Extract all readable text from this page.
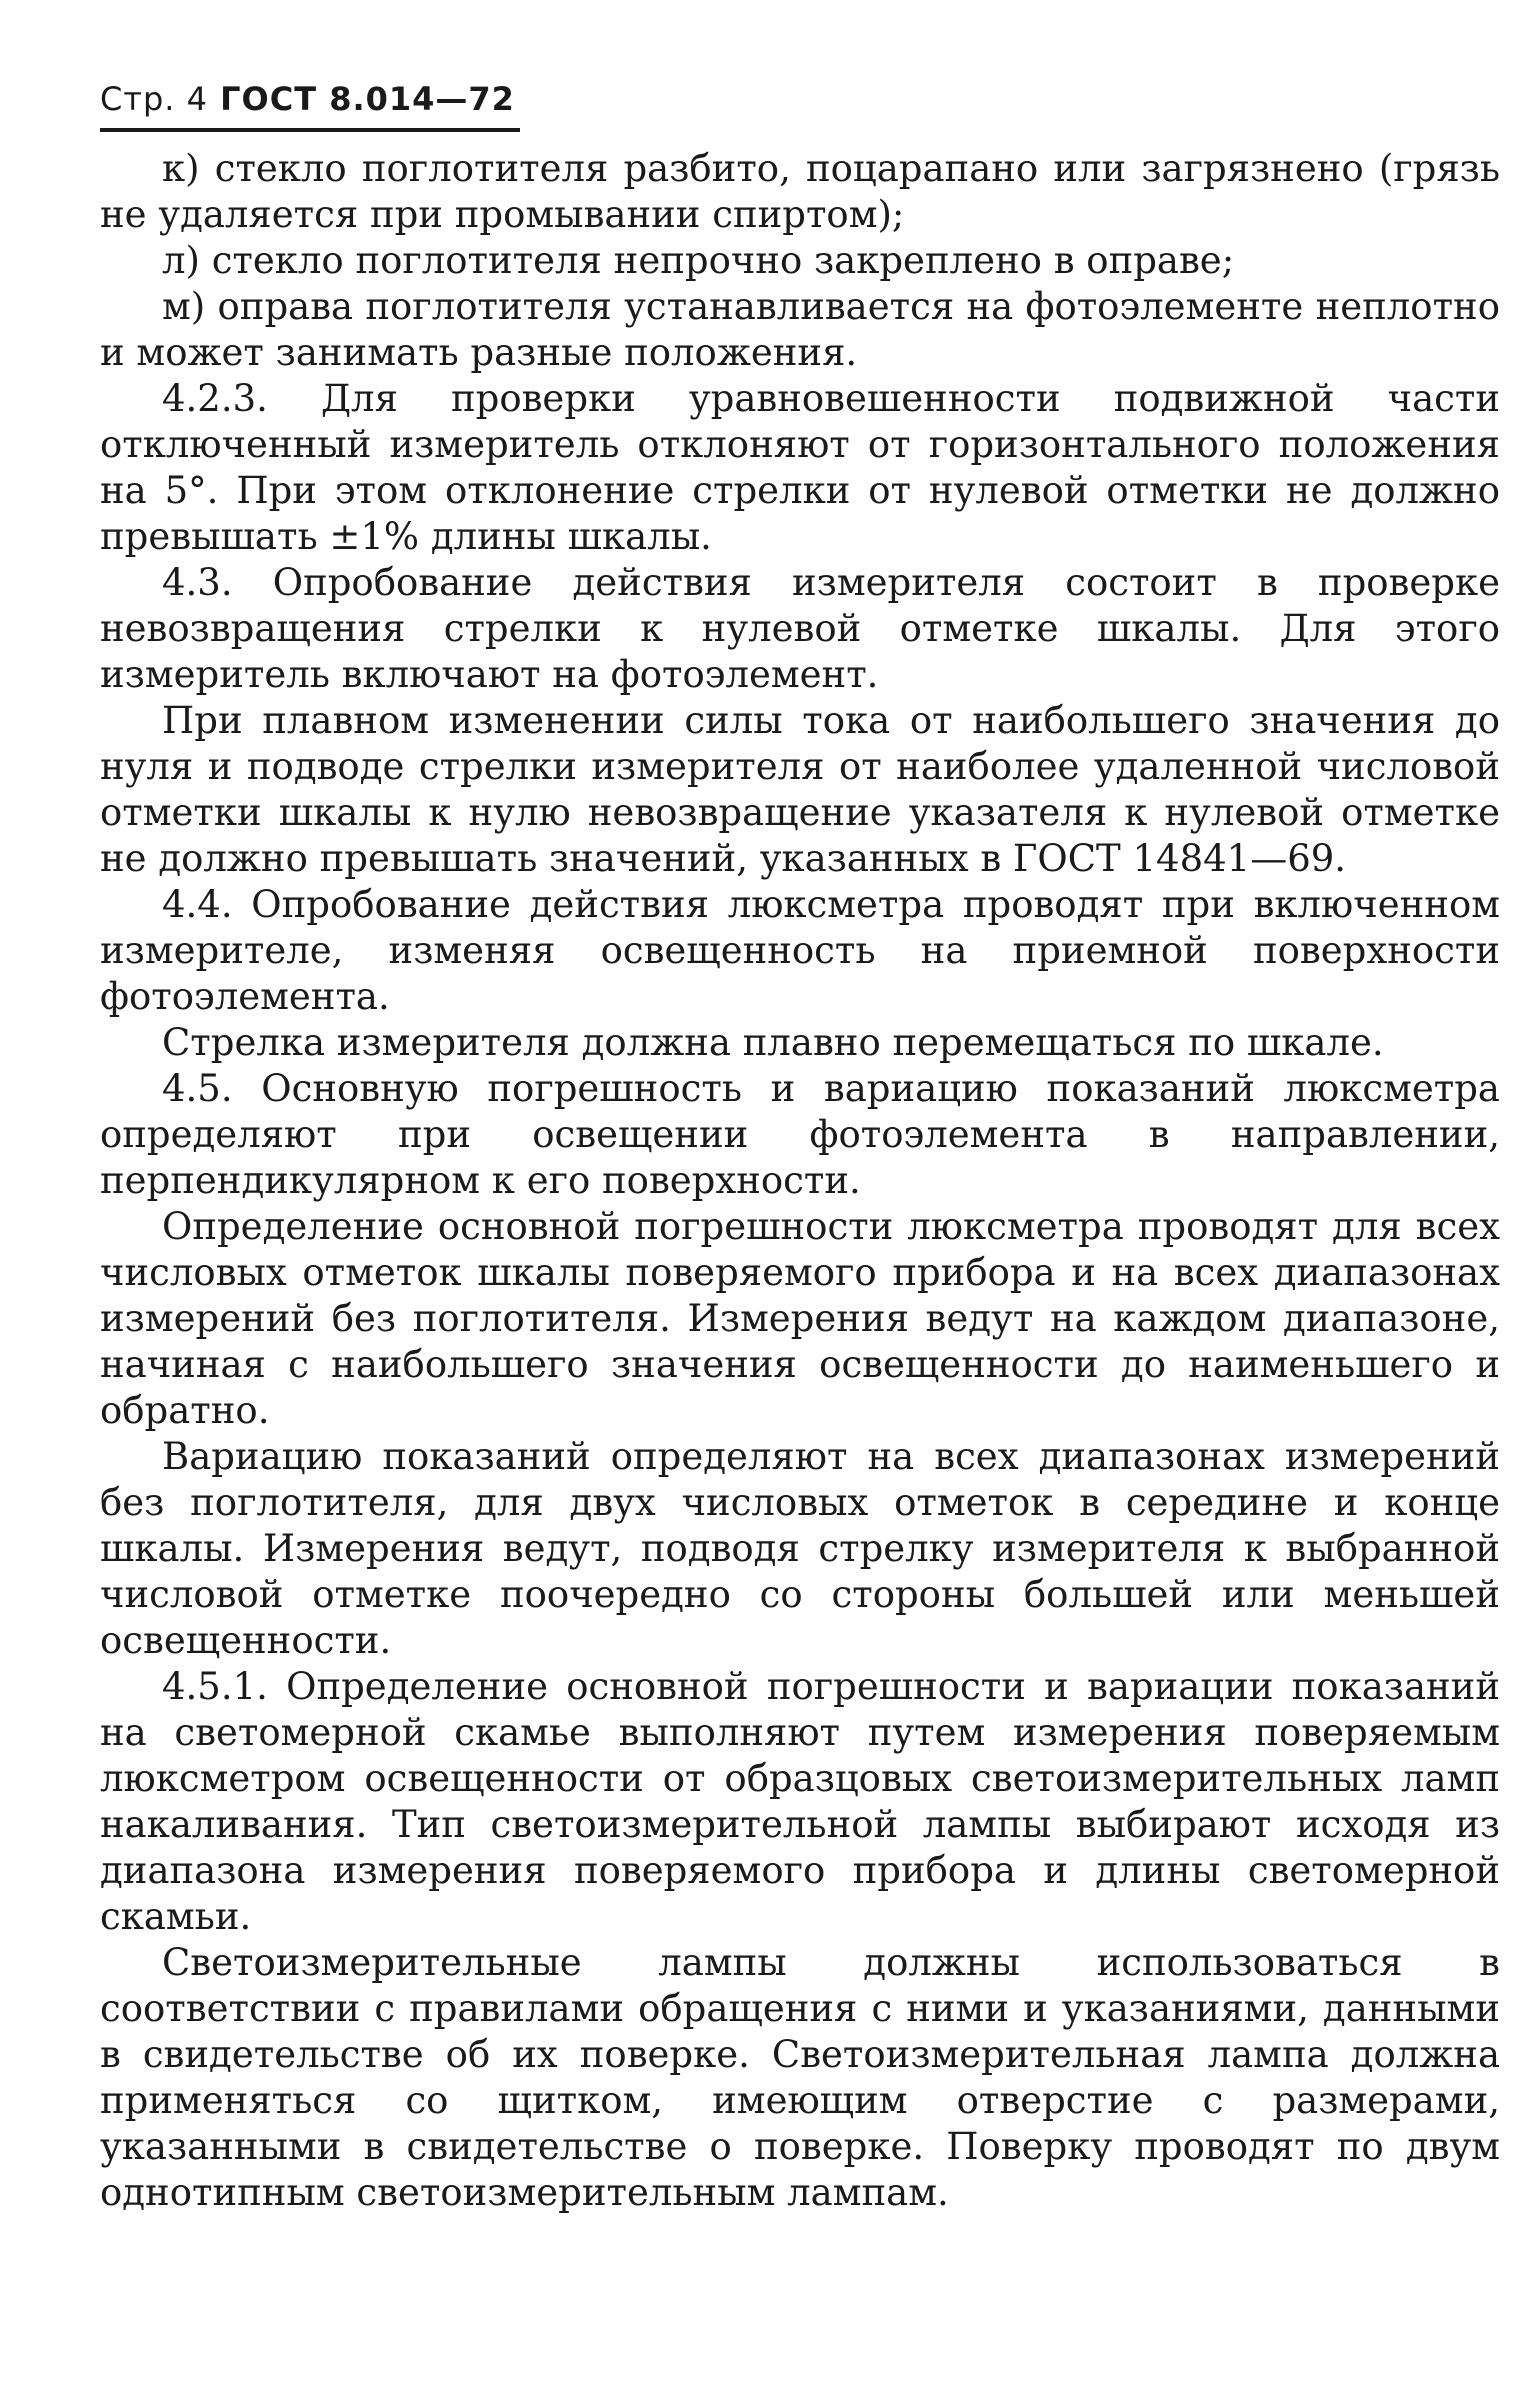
Стр. 4 ГОСТ 8.014—72

к) стекло поглотителя разбито, поцарапано или загрязнено (грязь не удаляется при промывании спиртом);

л) стекло поглотителя непрочно закреплено в оправе;

м) оправа поглотителя устанавливается на фотоэлементе неплотно и может занимать разные положения.

4.2.3. Для проверки уравновешенности подвижной части отключенный измеритель отклоняют от горизонтального положения на 5°. При этом отклонение стрелки от нулевой отметки не должно превышать ±1% длины шкалы.

4.3. Опробование действия измерителя состоит в проверке невозвращения стрелки к нулевой отметке шкалы. Для этого измеритель включают на фотоэлемент.

При плавном изменении силы тока от наибольшего значения до нуля и подводе стрелки измерителя от наиболее удаленной числовой отметки шкалы к нулю невозвращение указателя к нулевой отметке не должно превышать значений, указанных в ГОСТ 14841—69.

4.4. Опробование действия люксметра проводят при включенном измерителе, изменяя освещенность на приемной поверхности фотоэлемента.

Стрелка измерителя должна плавно перемещаться по шкале.

4.5. Основную погрешность и вариацию показаний люксметра определяют при освещении фотоэлемента в направлении, перпендикулярном к его поверхности.

Определение основной погрешности люксметра проводят для всех числовых отметок шкалы поверяемого прибора и на всех диапазонах измерений без поглотителя. Измерения ведут на каждом диапазоне, начиная с наибольшего значения освещенности до наименьшего и обратно.

Вариацию показаний определяют на всех диапазонах измерений без поглотителя, для двух числовых отметок в середине и конце шкалы. Измерения ведут, подводя стрелку измерителя к выбранной числовой отметке поочередно со стороны большей или меньшей освещенности.

4.5.1. Определение основной погрешности и вариации показаний на светомерной скамье выполняют путем измерения поверяемым люксметром освещенности от образцовых светоизмерительных ламп накаливания. Тип светоизмерительной лампы выбирают исходя из диапазона измерения поверяемого прибора и длины светомерной скамьи.

Светоизмерительные лампы должны использоваться в соответствии с правилами обращения с ними и указаниями, данными в свидетельстве об их поверке. Светоизмерительная лампа должна применяться со щитком, имеющим отверстие с размерами, указанными в свидетельстве о поверке. Поверку проводят по двум однотипным светоизмерительным лампам.
